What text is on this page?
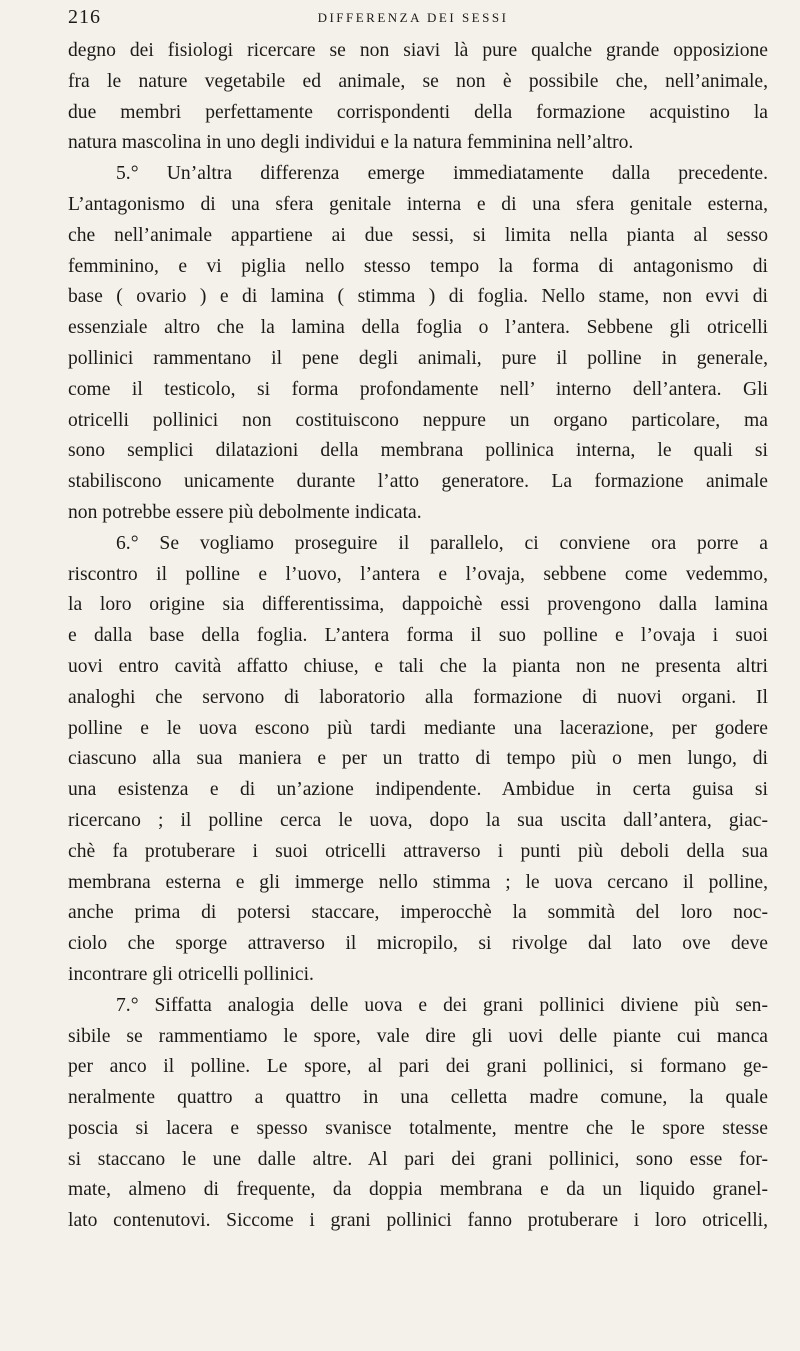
216	DIFFERENZA DEI SESSI
degno dei fisiologi ricercare se non siavi là pure qualche grande opposizione
fra le nature vegetabile ed animale, se non è possibile che, nell’animale,
due membri perfettamente corrispondenti della formazione acquistino la
natura mascolina in uno degli individui e la natura femminina nell’altro.
5.° Un’altra differenza emerge immediatamente dalla precedente.
L’antagonismo di una sfera genitale interna e di una sfera genitale esterna,
che nell’animale appartiene ai due sessi, si limita nella pianta al sesso
femminino, e vi piglia nello stesso tempo la forma di antagonismo di
base ( ovario ) e di lamina ( stimma ) di foglia. Nello stame, non evvi di
essenziale altro che la lamina della foglia o l’antera. Sebbene gli otricelli
pollinici rammentano il pene degli animali, pure il polline in generale,
come il testicolo, si forma profondamente nell’ interno dell’antera. Gli
otricelli pollinici non costituiscono neppure un organo particolare, ma
sono semplici dilatazioni della membrana pollinica interna, le quali si
stabiliscono unicamente durante l’atto generatore. La formazione animale
non potrebbe essere più debolmente indicata.
6.° Se vogliamo proseguire il parallelo, ci conviene ora porre a
riscontro il polline e l’uovo, l’antera e l’ovaja, sebbene come vedemmo,
la loro origine sia differentissima, dappoichè essi provengono dalla lamina
e dalla base della foglia. L’antera forma il suo polline e l’ovaja i suoi
uovi entro cavità affatto chiuse, e tali che la pianta non ne presenta altri
analoghi che servono di laboratorio alla formazione di nuovi organi. Il
polline e le uova escono più tardi mediante una lacerazione, per godere
ciascuno alla sua maniera e per un tratto di tempo più o men lungo, di
una esistenza e di un’azione indipendente. Ambidue in certa guisa si
ricercano ; il polline cerca le uova, dopo la sua uscita dall’antera, giac-
chè fa protuberare i suoi otricelli attraverso i punti più deboli della sua
membrana esterna e gli immerge nello stimma ; le uova cercano il polline,
anche prima di potersi staccare, imperocchè la sommità del loro noc-
ciolo che sporge attraverso il micropilo, si rivolge dal lato ove deve
incontrare gli otricelli pollinici.
7.° Siffatta analogia delle uova e dei grani pollinici diviene più sen-
sibile se rammentiamo le spore, vale dire gli uovi delle piante cui manca
per anco il polline. Le spore, al pari dei grani pollinici, si formano ge-
neralmente quattro a quattro in una celletta madre comune, la quale
poscia si lacera e spesso svanisce totalmente, mentre che le spore stesse
si staccano le une dalle altre. Al pari dei grani pollinici, sono esse for-
mate, almeno di frequente, da doppia membrana e da un liquido granel-
lato contenutovi. Siccome i grani pollinici fanno protuberare i loro otricelli,
